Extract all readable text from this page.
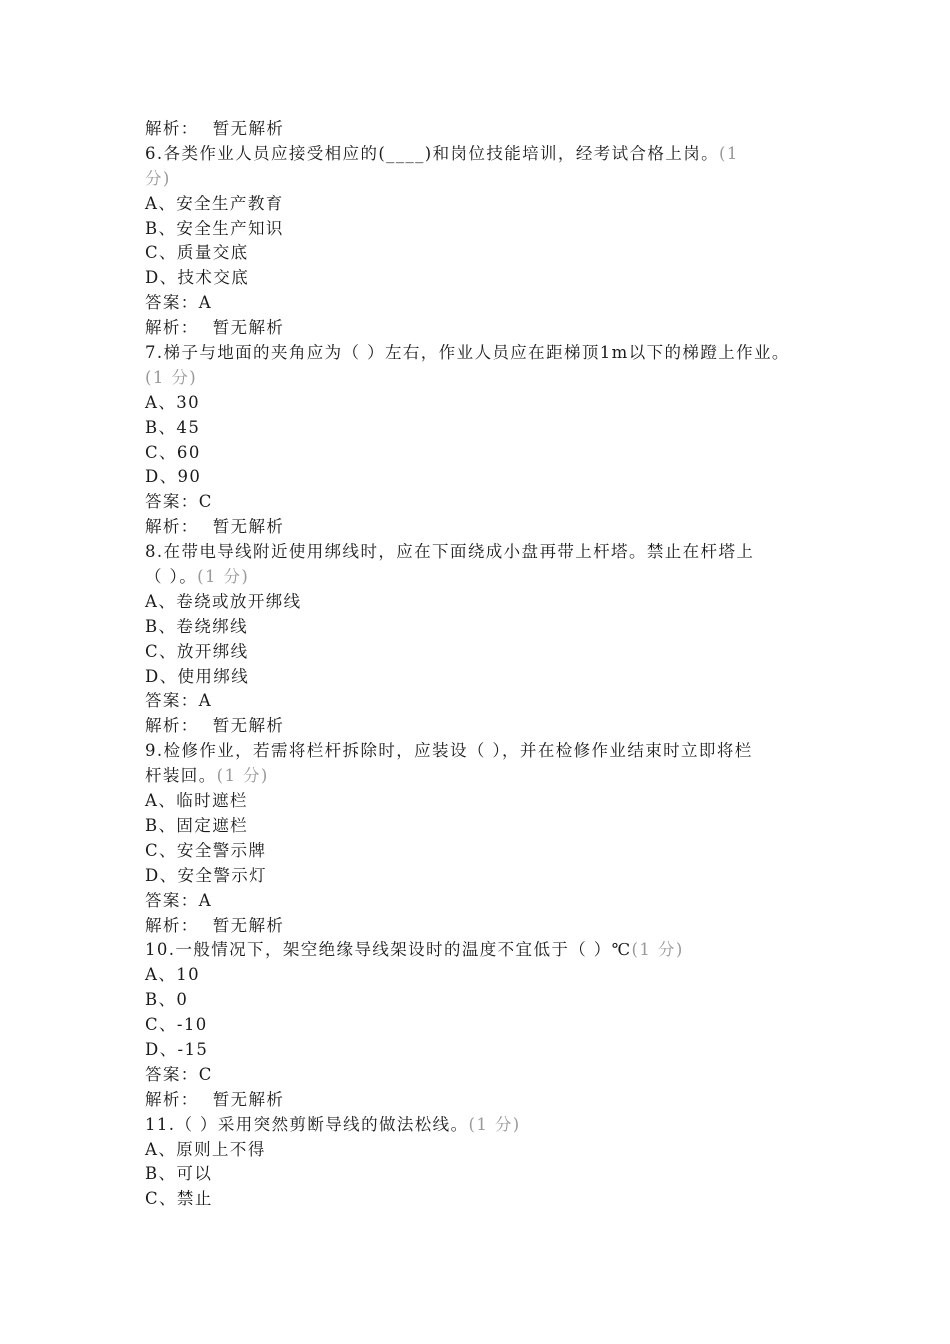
解析： 暂无解析
6.各类作业人员应接受相应的(____)和岗位技能培训，经考试合格上岗。(1
分)
A、安全生产教育
B、安全生产知识
C、质量交底
D、技术交底
答案：A
解析： 暂无解析
7.梯子与地面的夹角应为（ ）左右，作业人员应在距梯顶1m以下的梯蹬上作业。
(1 分)
A、30
B、45
C、60
D、90
答案：C
解析： 暂无解析
8.在带电导线附近使用绑线时，应在下面绕成小盘再带上杆塔。禁止在杆塔上
（ ）。(1 分)
A、卷绕或放开绑线
B、卷绕绑线
C、放开绑线
D、使用绑线
答案：A
解析： 暂无解析
9.检修作业，若需将栏杆拆除时，应装设（ ），并在检修作业结束时立即将栏
杆装回。(1 分)
A、临时遮栏
B、固定遮栏
C、安全警示牌
D、安全警示灯
答案：A
解析： 暂无解析
10.一般情况下，架空绝缘导线架设时的温度不宜低于（ ）℃(1 分)
A、10
B、0
C、-10
D、-15
答案：C
解析： 暂无解析
11.（ ）采用突然剪断导线的做法松线。(1 分)
A、原则上不得
B、可以
C、禁止
